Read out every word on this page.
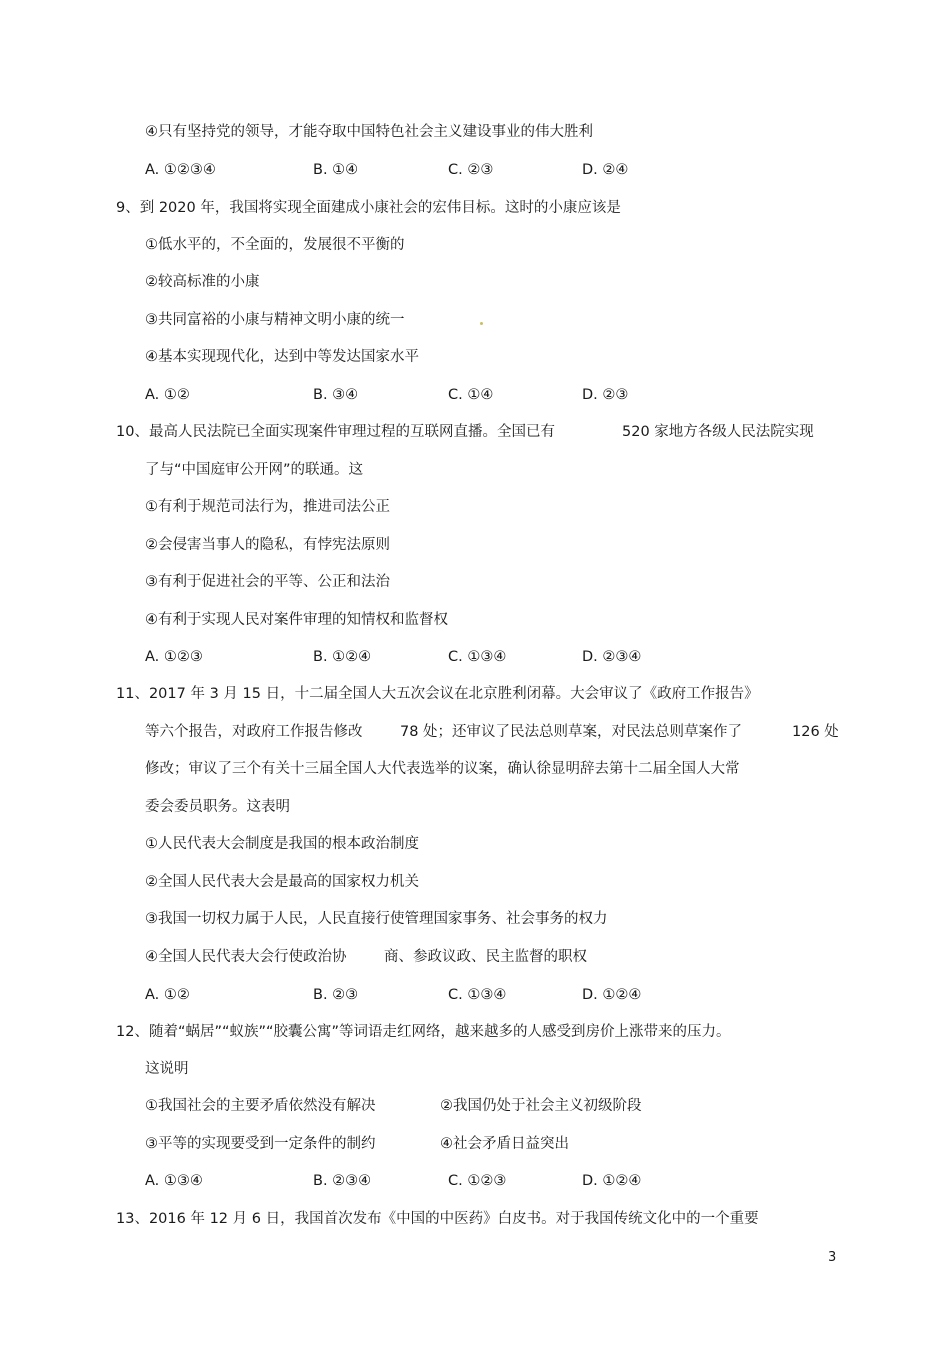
④只有坚持党的领导，才能夺取中国特色社会主义建设事业的伟大胜利
A. ①②③④	B. ①④	C. ②③	D. ②④
9、到 2020 年，我国将实现全面建成小康社会的宏伟目标。这时的小康应该是
①低水平的，不全面的，发展很不平衡的
②较高标准的小康
③共同富裕的小康与精神文明小康的统一
④基本实现现代化，达到中等发达国家水平
A. ①②	B. ③④	C. ①④	D. ②③
10、最高人民法院已全面实现案件审理过程的互联网直播。全国已有	520 家地方各级人民法院实现
了与“中国庭审公开网”的联通。这
①有利于规范司法行为，推进司法公正
②会侵害当事人的隐私，有悖宪法原则
③有利于促进社会的平等、公正和法治
④有利于实现人民对案件审理的知情权和监督权
A. ①②③	B. ①②④	C. ①③④	D. ②③④
11、2017 年 3 月 15 日，十二届全国人大五次会议在北京胜利闭幕。大会审议了《政府工作报告》
等六个报告，对政府工作报告修改	78 处；还审议了民法总则草案，对民法总则草案作了	126 处
修改；审议了三个有关十三届全国人大代表选举的议案，确认徐显明辞去第十二届全国人大常
委会委员职务。这表明
①人民代表大会制度是我国的根本政治制度
②全国人民代表大会是最高的国家权力机关
③我国一切权力属于人民，人民直接行使管理国家事务、社会事务的权力
④全国人民代表大会行使政治协	商、参政议政、民主监督的职权
A. ①②	B. ②③	C. ①③④	D. ①②④
12、随着“蜗居”“蚁族”“胶囊公寓”等词语走红网络，越来越多的人感受到房价上涨带来的压力。
这说明
①我国社会的主要矛盾依然没有解决	②我国仍处于社会主义初级阶段
③平等的实现要受到一定条件的制约	④社会矛盾日益突出
A. ①③④	B. ②③④	C. ①②③	D. ①②④
13、2016 年 12 月 6 日，我国首次发布《中国的中医药》白皮书。对于我国传统文化中的一个重要
3
